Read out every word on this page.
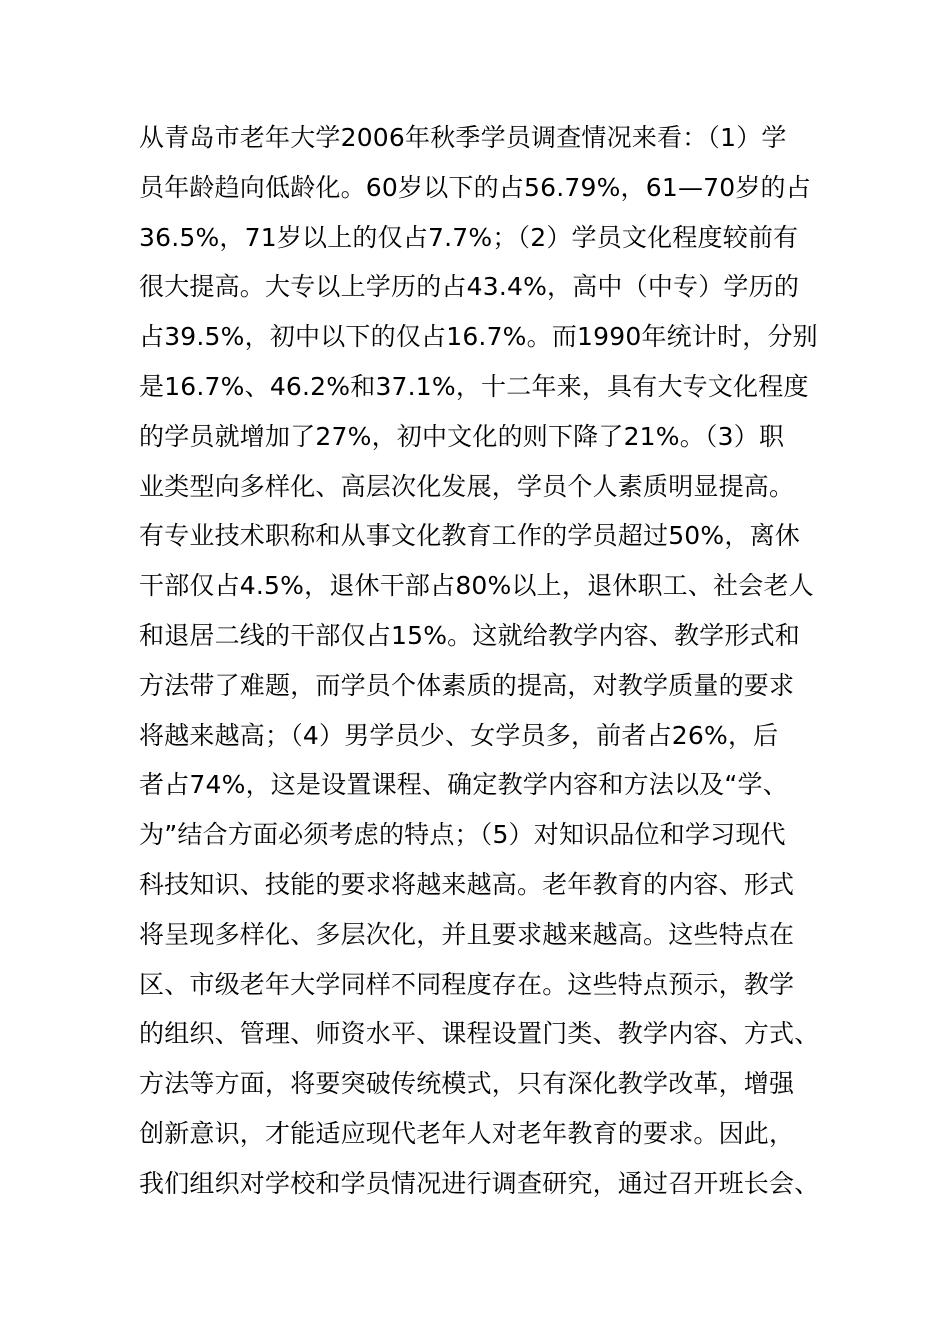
从青岛市老年大学2006年秋季学员调查情况来看：（1）学
员年龄趋向低龄化。60岁以下的占56.79%，61—70岁的占
36.5%，71岁以上的仅占7.7%；（2）学员文化程度较前有
很大提高。大专以上学历的占43.4%，高中（中专）学历的
占39.5%，初中以下的仅占16.7%。而1990年统计时，分别
是16.7%、46.2%和37.1%，十二年来，具有大专文化程度
的学员就增加了27%，初中文化的则下降了21%。（3）职
业类型向多样化、高层次化发展，学员个人素质明显提高。
有专业技术职称和从事文化教育工作的学员超过50%，离休
干部仅占4.5%，退休干部占80%以上，退休职工、社会老人
和退居二线的干部仅占15%。这就给教学内容、教学形式和
方法带了难题，而学员个体素质的提高，对教学质量的要求
将越来越高；（4）男学员少、女学员多，前者占26%，后
者占74%，这是设置课程、确定教学内容和方法以及“学、
为”结合方面必须考虑的特点；（5）对知识品位和学习现代
科技知识、技能的要求将越来越高。老年教育的内容、形式
将呈现多样化、多层次化，并且要求越来越高。这些特点在
区、市级老年大学同样不同程度存在。这些特点预示，教学
的组织、管理、师资水平、课程设置门类、教学内容、方式、
方法等方面，将要突破传统模式，只有深化教学改革，增强
创新意识，才能适应现代老年人对老年教育的要求。因此，
我们组织对学校和学员情况进行调查研究，通过召开班长会、
